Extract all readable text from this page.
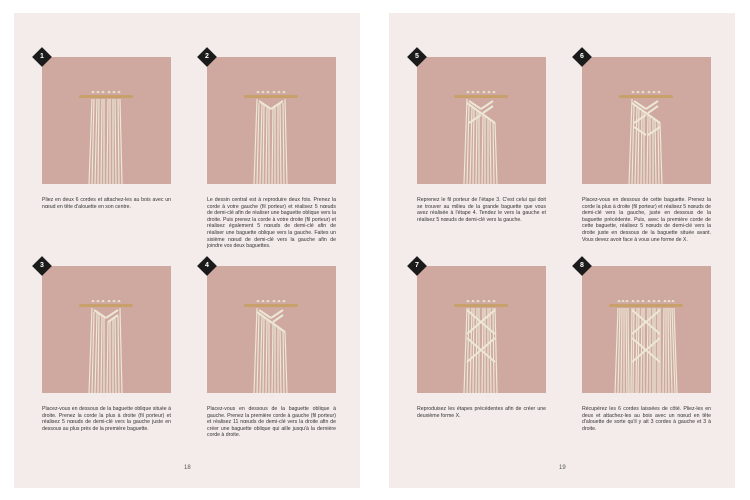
1
Pliez en deux 6 cordes et attachez-les au bois avec un nœud en tête d'alouette en son centre.
2
Le dessin central est à reproduire deux fois. Prenez la corde à votre gauche (fil porteur) et réalisez 5 nœuds de demi-clé afin de réaliser une baguette oblique vers la droite. Puis prenez la corde à votre droite (fil porteur) et réalisez également 5 nœuds de demi-clé afin de réaliser une baguette oblique vers la gauche. Faites un sixième nœud de demi-clé vers la gauche afin de joindre vos deux baguettes.
3
Placez-vous en dessous de la baguette oblique située à droite. Prenez la corde la plus à droite (fil porteur) et réalisez 5 nœuds de demi-clé vers la gauche juste en dessous au plus près de la première baguette.
4
Placez-vous en dessous de la baguette oblique à gauche. Prenez la première corde à gauche (fil porteur) et réalisez 11 nœuds de demi-clé vers la droite afin de créer une baguette oblique qui aille jusqu'à la dernière corde à droite.
18
5
Reprenez le fil porteur de l'étape 3. C'est celui qui doit se trouver au milieu de la grande baguette que vous avez réalisée à l'étape 4. Tendez le vers la gauche et réalisez 5 nœuds de demi-clé vers la gauche.
6
Placez-vous en dessous de cette baguette. Prenez la corde la plus à droite (fil porteur) et réalisez 5 nœuds de demi-clé vers la gauche, juste en dessous de la baguette précédente. Puis, avec la première corde de cette baguette, réalisez 5 nœuds de demi-clé vers la droite juste en dessous de la baguette située avant. Vous devez avoir face à vous une forme de X.
7
Reproduisez les étapes précédentes afin de créer une deuxième forme X.
8
Récupérez les 6 cordes laissées de côté. Pliez-les en deux et attachez-les au bois avec un nœud en tête d'alouette de sorte qu'il y ait 3 cordes à gauche et 3 à droite.
19
